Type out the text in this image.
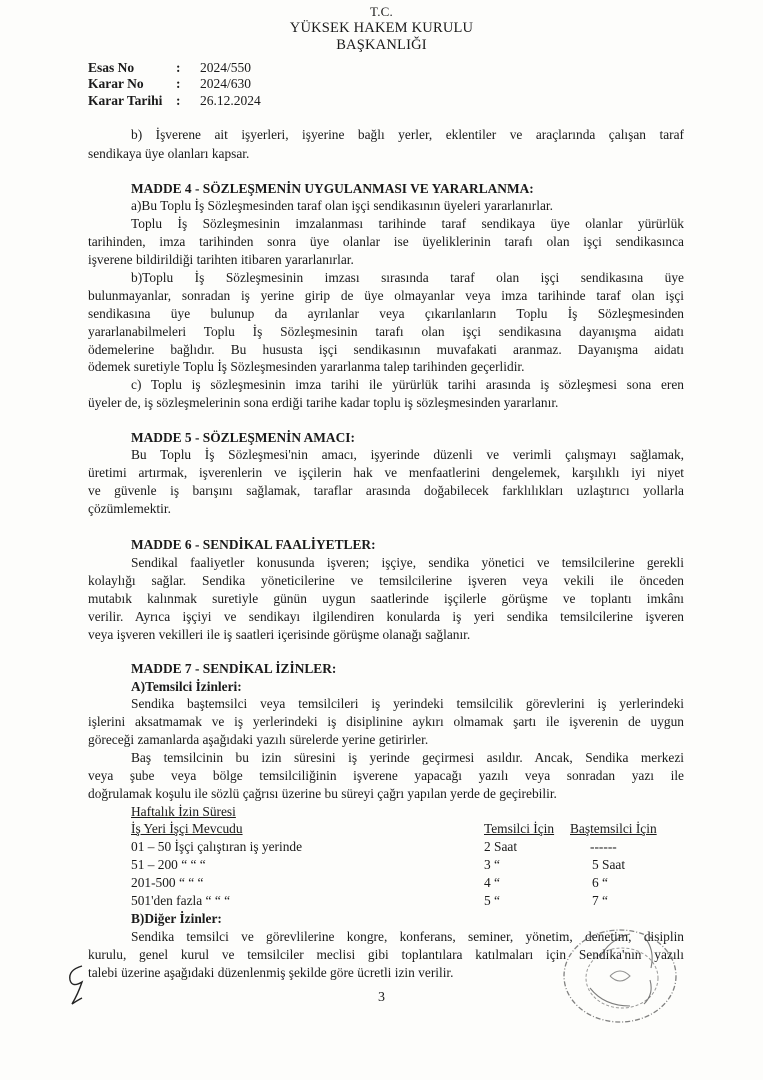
T.C.
YÜKSEK HAKEM KURULU
BAŞKANLIĞI
Esas No	: 2024/550
Karar No : 2024/630
Karar Tarihi : 26.12.2024
b) İşverene ait işyerleri, işyerine bağlı yerler, eklentiler ve araçlarında çalışan taraf
sendikaya üye olanları kapsar.
MADDE 4 - SÖZLEŞMENİN UYGULANMASI VE YARARLANMA:
a)Bu Toplu İş Sözleşmesinden taraf olan işçi sendikasının üyeleri yararlanırlar.
Toplu İş Sözleşmesinin imzalanması tarihinde taraf sendikaya üye olanlar yürürlük
tarihinden, imza tarihinden sonra üye olanlar ise üyeliklerinin tarafı olan işçi sendikasınca
işverene bildirildiği tarihten itibaren yararlanırlar.
b)Toplu İş Sözleşmesinin imzası sırasında taraf olan işçi sendikasına üye
bulunmayanlar, sonradan iş yerine girip de üye olmayanlar veya imza tarihinde taraf olan işçi
sendikasına üye bulunup da ayrılanlar veya çıkarılanların Toplu İş Sözleşmesinden
yararlanabilmeleri Toplu İş Sözleşmesinin tarafı olan işçi sendikasına dayanışma aidatı
ödemelerine bağlıdır. Bu hususta işçi sendikasının muvafakati aranmaz. Dayanışma aidatı
ödemek suretiyle Toplu İş Sözleşmesinden yararlanma talep tarihinden geçerlidir.
c) Toplu iş sözleşmesinin imza tarihi ile yürürlük tarihi arasında iş sözleşmesi sona eren
üyeler de, iş sözleşmelerinin sona erdiği tarihe kadar toplu iş sözleşmesinden yararlanır.
MADDE 5 - SÖZLEŞMENİN AMACI:
Bu Toplu İş Sözleşmesi'nin amacı, işyerinde düzenli ve verimli çalışmayı sağlamak,
üretimi artırmak, işverenlerin ve işçilerin hak ve menfaatlerini dengelemek, karşılıklı iyi niyet
ve güvenle iş barışını sağlamak, taraflar arasında doğabilecek farklılıkları uzlaştırıcı yollarla
çözümlemektir.
MADDE 6 - SENDİKAL FAALİYETLER:
Sendikal faaliyetler konusunda işveren; işçiye, sendika yönetici ve temsilcilerine gerekli
kolaylığı sağlar. Sendika yöneticilerine ve temsilcilerine işveren veya vekili ile önceden
mutabık kalınmak suretiyle günün uygun saatlerinde işçilerle görüşme ve toplantı imkânı
verilir. Ayrıca işçiyi ve sendikayı ilgilendiren konularda iş yeri sendika temsilcilerine işveren
veya işveren vekilleri ile iş saatleri içerisinde görüşme olanağı sağlanır.
MADDE 7 - SENDİKAL İZİNLER:
A)Temsilci İzinleri:
Sendika baştemsilci veya temsilcileri iş yerindeki temsilcilik görevlerini iş yerlerindeki
işlerini aksatmamak ve iş yerlerindeki iş disiplinine aykırı olmamak şartı ile işverenin de uygun
göreceği zamanlarda aşağıdaki yazılı sürelerde yerine getirirler.
Baş temsilcinin bu izin süresini iş yerinde geçirmesi asıldır. Ancak, Sendika merkezi
veya şube veya bölge temsilciliğinin işverene yapacağı yazılı veya sonradan yazı ile
doğrulamak koşulu ile sözlü çağrısı üzerine bu süreyi çağrı yapılan yerde de geçirebilir.
Haftalık İzin Süresi
İş Yeri İşçi Mevcudu	Temsilci İçin Baştemsilci İçin
01 – 50 İşçi çalıştıran iş yerinde	2 Saat	------
51 – 200 “ “ “	3 “	5 Saat
201-500 “ “ “	4 “	6 “
501'den fazla “ “ “	5 “	7 “
B)Diğer İzinler:
Sendika temsilci ve görevlilerine kongre, konferans, seminer, yönetim, denetim, disiplin
kurulu, genel kurul ve temsilciler meclisi gibi toplantılara katılmaları için Sendika'nın yazılı
talebi üzerine aşağıdaki düzenlenmiş şekilde göre ücretli izin verilir.
3
